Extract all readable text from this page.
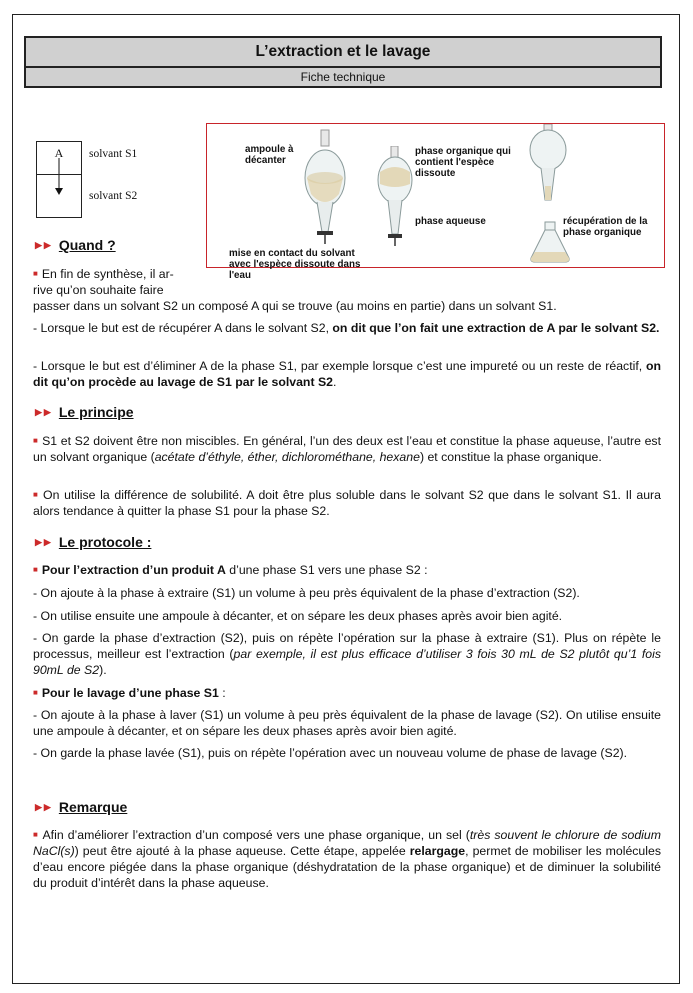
L’extraction et le lavage
Fiche technique
A	solvant S1
solvant S2
ampoule à
décanter
mise en contact du solvant
avec l'espèce dissoute dans
l'eau
phase organique qui
contient l'espèce
dissoute
phase aqueuse	récupération de la
phase organique
▶▶ Quand ?
■ En fin de synthèse, il ar-
rive qu’on souhaite faire
passer dans un solvant S2 un composé A qui se trouve (au moins en partie) dans un solvant S1.
- Lorsque le but est de récupérer A dans le solvant S2, on dit que l’on fait une extraction de A par le solvant S2.
- Lorsque le but est d’éliminer A de la phase S1, par exemple lorsque c’est une impureté ou un reste de réactif, on dit qu’on procède au lavage de S1 par le solvant S2.
▶▶ Le principe
■ S1 et S2 doivent être non miscibles. En général, l’un des deux est l’eau et constitue la phase aqueuse, l’autre est un solvant organique (acétate d’éthyle, éther, dichlorométhane, hexane) et constitue la phase organique.
■ On utilise la différence de solubilité. A doit être plus soluble dans le solvant S2 que dans le solvant S1. Il aura alors tendance à quitter la phase S1 pour la phase S2.
▶▶ Le protocole :
■ Pour l’extraction d’un produit A d’une phase S1 vers une phase S2 :
- On ajoute à la phase à extraire (S1) un volume à peu près équivalent de la phase d’extraction (S2).
- On utilise ensuite une ampoule à décanter, et on sépare les deux phases après avoir bien agité.
- On garde la phase d’extraction (S2), puis on répète l’opération sur la phase à extraire (S1). Plus on répète le processus, meilleur est l’extraction (par exemple, il est plus efficace d’utiliser 3 fois 30 mL de S2 plutôt qu’1 fois 90mL de S2).
■ Pour le lavage d’une phase S1 :
- On ajoute à la phase à laver (S1) un volume à peu près équivalent de la phase de lavage (S2). On utilise ensuite une ampoule à décanter, et on sépare les deux phases après avoir bien agité.
- On garde la phase lavée (S1), puis on répète l’opération avec un nouveau volume de phase de lavage (S2).
▶▶ Remarque
■ Afin d’améliorer l’extraction d’un composé vers une phase organique, un sel (très souvent le chlorure de sodium NaCl(s)) peut être ajouté à la phase aqueuse. Cette étape, appelée relargage, permet de mobiliser les molécules d’eau encore piégée dans la phase organique (déshydratation de la phase organique) et de diminuer la solubilité du produit d’intérêt dans la phase aqueuse.
